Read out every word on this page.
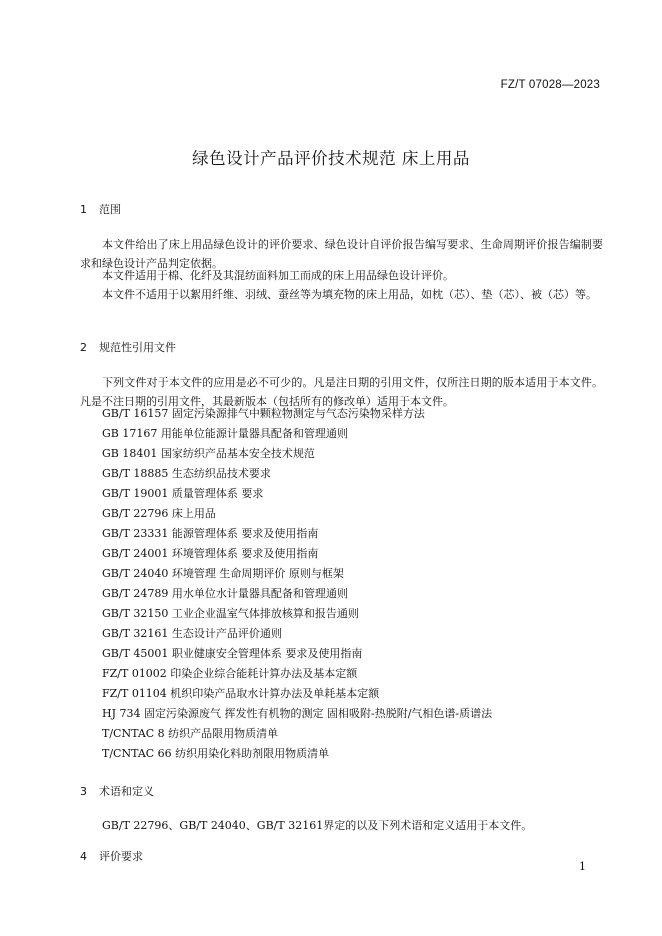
FZ/T 07028—2023
绿色设计产品评价技术规范 床上用品
1 范围

本文件给出了床上用品绿色设计的评价要求、绿色设计自评价报告编写要求、生命周期评价报告编制要求和绿色设计产品判定依据。

本文件适用于棉、化纤及其混纺面料加工而成的床上用品绿色设计评价。

本文件不适用于以絮用纤维、羽绒、蚕丝等为填充物的床上用品，如枕（芯）、垫（芯）、被（芯）等。

2 规范性引用文件

下列文件对于本文件的应用是必不可少的。凡是注日期的引用文件，仅所注日期的版本适用于本文件。凡是不注日期的引用文件，其最新版本（包括所有的修改单）适用于本文件。

GB/T 16157 固定污染源排气中颗粒物测定与气态污染物采样方法
GB 17167 用能单位能源计量器具配备和管理通则
GB 18401 国家纺织产品基本安全技术规范
GB/T 18885 生态纺织品技术要求
GB/T 19001 质量管理体系 要求
GB/T 22796 床上用品
GB/T 23331 能源管理体系 要求及使用指南
GB/T 24001 环境管理体系 要求及使用指南
GB/T 24040 环境管理 生命周期评价 原则与框架
GB/T 24789 用水单位水计量器具配备和管理通则
GB/T 32150 工业企业温室气体排放核算和报告通则
GB/T 32161 生态设计产品评价通则
GB/T 45001 职业健康安全管理体系 要求及使用指南
FZ/T 01002 印染企业综合能耗计算办法及基本定额
FZ/T 01104 机织印染产品取水计算办法及单耗基本定额
HJ 734 固定污染源废气 挥发性有机物的测定 固相吸附-热脱附/气相色谱-质谱法
T/CNTAC 8 纺织产品限用物质清单
T/CNTAC 66 纺织用染化料助剂限用物质清单
3 术语和定义

GB/T 22796、GB/T 24040、GB/T 32161界定的以及下列术语和定义适用于本文件。

4 评价要求
1
